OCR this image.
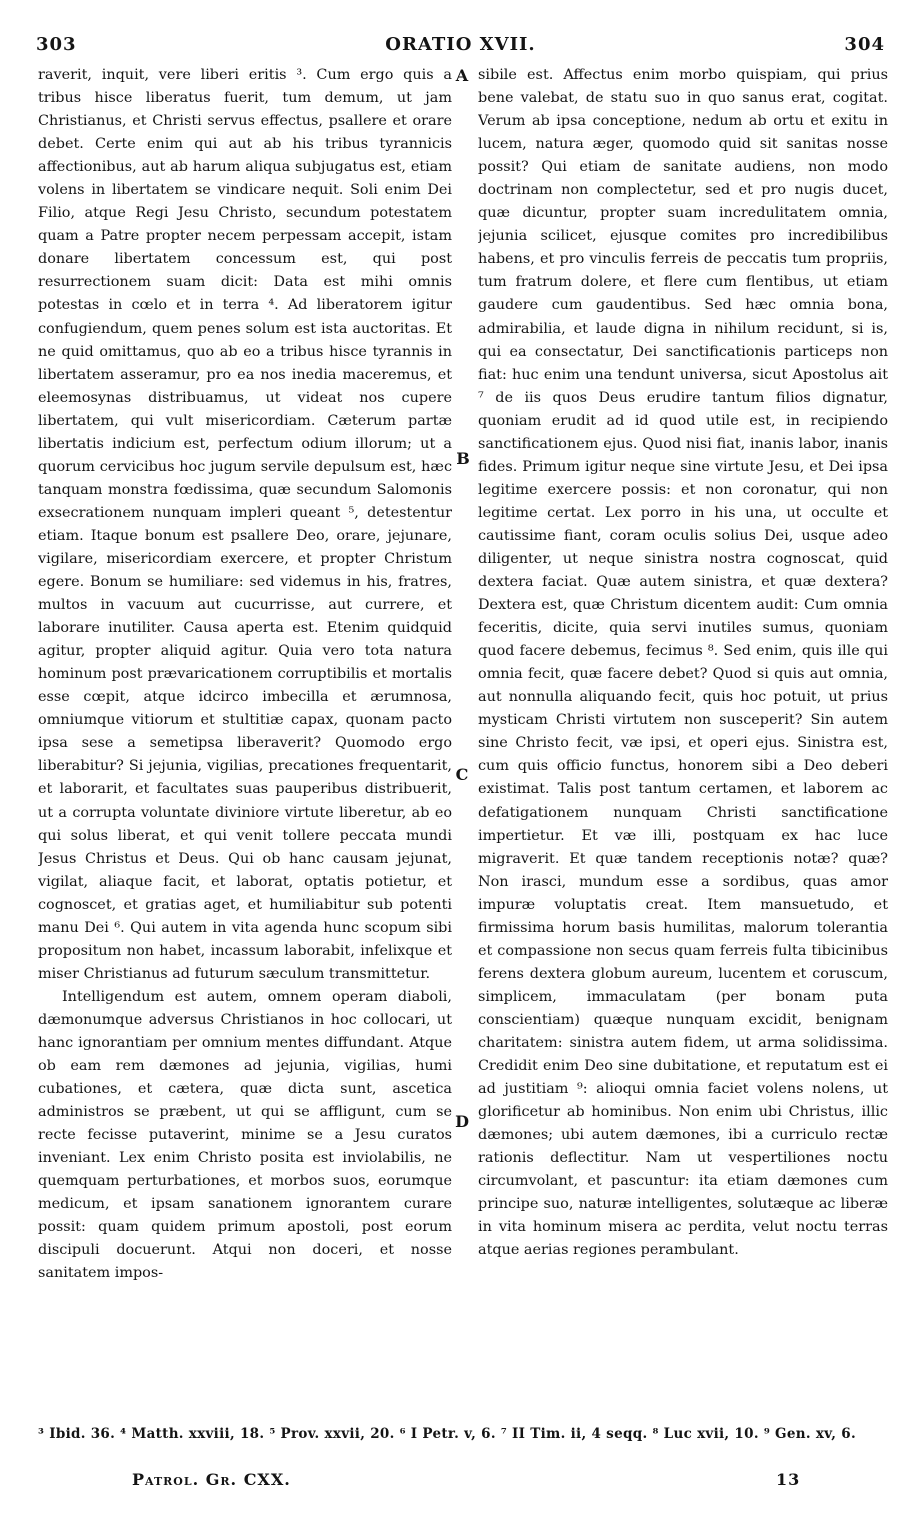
303	ORATIO XVII.	304

raverit, inquit, vere liberi eritis ³. Cum ergo quis a tribus hisce liberatus fuerit, tum demum, ut jam Christianus, et Christi servus effectus, psallere et orare debet. Certe enim qui aut ab his tribus tyrannicis affectionibus, aut ab harum aliqua subjugatus est, etiam volens in libertatem se vindicare nequit. Soli enim Dei Filio, atque Regi Jesu Christo, secundum potestatem quam a Patre propter necem perpessam accepit, istam donare libertatem concessum est, qui post resurrectionem suam dicit: Data est mihi omnis potestas in cœlo et in terra ⁴. Ad liberatorem igitur confugiendum, quem penes solum est ista auctoritas. Et ne quid omittamus, quo ab eo a tribus hisce tyrannis in libertatem asseramur, pro ea nos inedia maceremus, et eleemosynas distribuamus, ut videat nos cupere libertatem, qui vult misericordiam. Cæterum partæ libertatis indicium est, perfectum odium illorum; ut a quorum cervicibus hoc jugum servile depulsum est, hæc tanquam monstra fœdissima, quæ secundum Salomonis exsecrationem nunquam impleri queant ⁵, detestentur etiam. Itaque bonum est psallere Deo, orare, jejunare, vigilare, misericordiam exercere, et propter Christum egere. Bonum se humiliare: sed videmus in his, fratres, multos in vacuum aut cucurrisse, aut currere, et laborare inutiliter. Causa aperta est. Etenim quidquid agitur, propter aliquid agitur. Quia vero tota natura hominum post prævaricationem corruptibilis et mortalis esse cœpit, atque idcirco imbecilla et ærumnosa, omniumque vitiorum et stultitiæ capax, quonam pacto ipsa sese a semetipsa liberaverit? Quomodo ergo liberabitur? Si jejunia, vigilias, precationes frequentarit, et laborarit, et facultates suas pauperibus distribuerit, ut a corrupta voluntate diviniore virtute liberetur, ab eo qui solus liberat, et qui venit tollere peccata mundi Jesus Christus et Deus. Qui ob hanc causam jejunat, vigilat, aliaque facit, et laborat, optatis potietur, et cognoscet, et gratias aget, et humiliabitur sub potenti manu Dei ⁶. Qui autem in vita agenda hunc scopum sibi propositum non habet, incassum laborabit, infelixque et miser Christianus ad futurum sæculum transmittetur.

Intelligendum est autem, omnem operam diaboli, dæmonumque adversus Christianos in hoc collocari, ut hanc ignorantiam per omnium mentes diffundant. Atque ob eam rem dæmones ad jejunia, vigilias, humi cubationes, et cætera, quæ dicta sunt, ascetica administros se præbent, ut qui se affligunt, cum se recte fecisse putaverint, minime se a Jesu curatos inveniant. Lex enim Christo posita est inviolabilis, ne quemquam perturbationes, et morbos suos, eorumque medicum, et ipsam sanationem ignorantem curare possit: quam quidem primum apostoli, post eorum discipuli docuerunt. Atqui non doceri, et nosse sanitatem impos-

A
B
C
D

sibile est. Affectus enim morbo quispiam, qui prius bene valebat, de statu suo in quo sanus erat, cogitat. Verum ab ipsa conceptione, nedum ab ortu et exitu in lucem, natura æger, quomodo quid sit sanitas nosse possit? Qui etiam de sanitate audiens, non modo doctrinam non complectetur, sed et pro nugis ducet, quæ dicuntur, propter suam incredulitatem omnia, jejunia scilicet, ejusque comites pro incredibilibus habens, et pro vinculis ferreis de peccatis tum propriis, tum fratrum dolere, et flere cum flentibus, ut etiam gaudere cum gaudentibus. Sed hæc omnia bona, admirabilia, et laude digna in nihilum recidunt, si is, qui ea consectatur, Dei sanctificationis particeps non fiat: huc enim una tendunt universa, sicut Apostolus ait ⁷ de iis quos Deus erudire tantum filios dignatur, quoniam erudit ad id quod utile est, in recipiendo sanctificationem ejus. Quod nisi fiat, inanis labor, inanis fides. Primum igitur neque sine virtute Jesu, et Dei ipsa legitime exercere possis: et non coronatur, qui non legitime certat. Lex porro in his una, ut occulte et cautissime fiant, coram oculis solius Dei, usque adeo diligenter, ut neque sinistra nostra cognoscat, quid dextera faciat. Quæ autem sinistra, et quæ dextera? Dextera est, quæ Christum dicentem audit: Cum omnia feceritis, dicite, quia servi inutiles sumus, quoniam quod facere debemus, fecimus ⁸. Sed enim, quis ille qui omnia fecit, quæ facere debet? Quod si quis aut omnia, aut nonnulla aliquando fecit, quis hoc potuit, ut prius mysticam Christi virtutem non susceperit? Sin autem sine Christo fecit, væ ipsi, et operi ejus. Sinistra est, cum quis officio functus, honorem sibi a Deo deberi existimat. Talis post tantum certamen, et laborem ac defatigationem nunquam Christi sanctificatione impertietur. Et væ illi, postquam ex hac luce migraverit. Et quæ tandem receptionis notæ? quæ? Non irasci, mundum esse a sordibus, quas amor impuræ voluptatis creat. Item mansuetudo, et firmissima horum basis humilitas, malorum tolerantia et compassione non secus quam ferreis fulta tibicinibus ferens dextera globum aureum, lucentem et coruscum, simplicem, immaculatam (per bonam puta conscientiam) quæque nunquam excidit, benignam charitatem: sinistra autem fidem, ut arma solidissima. Credidit enim Deo sine dubitatione, et reputatum est ei ad justitiam ⁹: alioqui omnia faciet volens nolens, ut glorificetur ab hominibus. Non enim ubi Christus, illic dæmones; ubi autem dæmones, ibi a curriculo rectæ rationis deflectitur. Nam ut vespertiliones noctu circumvolant, et pascuntur: ita etiam dæmones cum principe suo, naturæ intelligentes, solutæque ac liberæ in vita hominum misera ac perdita, velut noctu terras atque aerias regiones perambulant.

³ Ibid. 36. ⁴ Matth. xxviii, 18. ⁵ Prov. xxvii, 20. ⁶ I Petr. v, 6. ⁷ II Tim. ii, 4 seqq. ⁸ Luc xvii, 10. ⁹ Gen. xv, 6.
Patrol. Gr. CXX.	13
